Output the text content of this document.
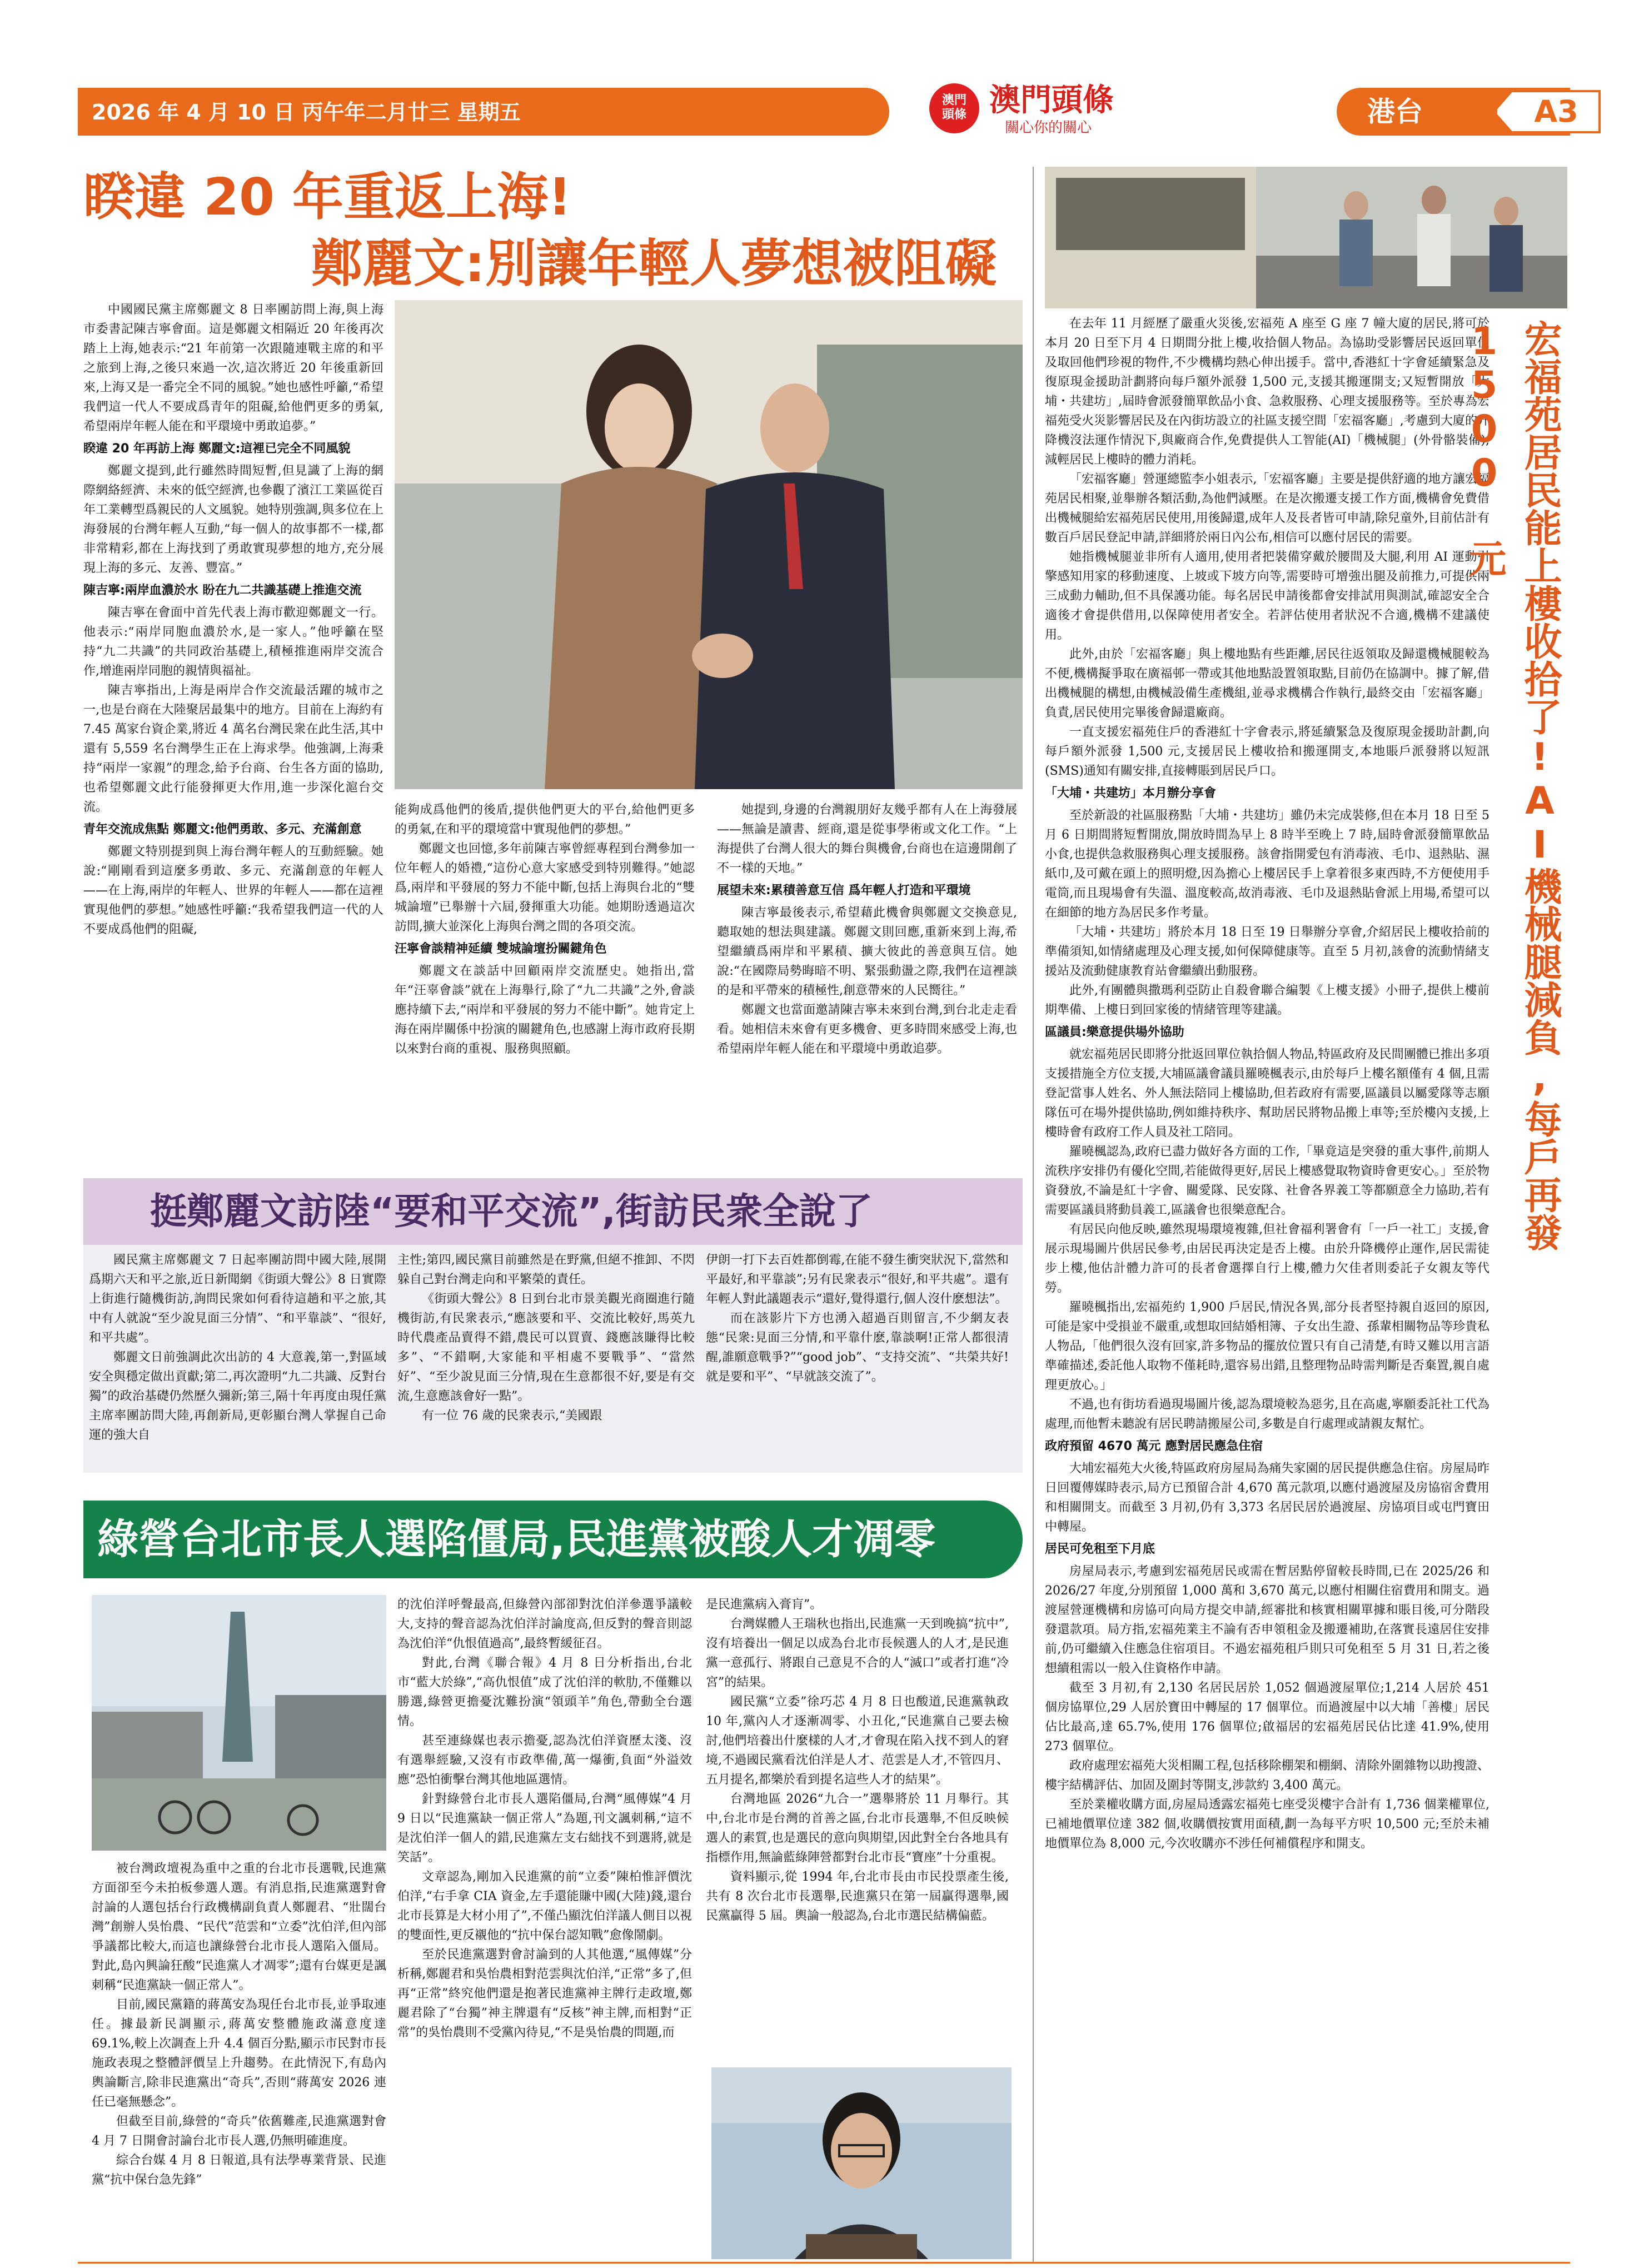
2026 年 4 月 10 日 丙午年二月廿三 星期五	澳門
頭條 澳門頭條
關心你的關心	港台	A3
睽違 20 年重返上海!
鄭麗文:別讓年輕人夢想被阻礙

中國國民黨主席鄭麗文 8 日率團訪問上海,與上海市委書記陳吉寧會面。這是鄭麗文相隔近 20 年後再次踏上上海,她表示:“21 年前第一次跟隨連戰主席的和平之旅到上海,之後只來過一次,這次將近 20 年後重新回來,上海又是一番完全不同的風貌。”她也感性呼籲,“希望我們這一代人不要成爲青年的阻礙,給他們更多的勇氣,希望兩岸年輕人能在和平環境中勇敢追夢。”

睽違 20 年再訪上海 鄭麗文:這裡已完全不同風貌

鄭麗文提到,此行雖然時間短暫,但見識了上海的網際網絡經濟、未來的低空經濟,也參觀了濱江工業區從百年工業轉型爲親民的人文風貌。她特別強調,與多位在上海發展的台灣年輕人互動,“每一個人的故事都不一樣,都非常精彩,都在上海找到了勇敢實現夢想的地方,充分展現上海的多元、友善、豐富。”

陳吉寧:兩岸血濃於水 盼在九二共識基礎上推進交流

陳吉寧在會面中首先代表上海市歡迎鄭麗文一行。他表示:“兩岸同胞血濃於水,是一家人。”他呼籲在堅持“九二共識”的共同政治基礎上,積極推進兩岸交流合作,增進兩岸同胞的親情與福祉。

陳吉寧指出,上海是兩岸合作交流最活躍的城市之一,也是台商在大陸聚居最集中的地方。目前在上海約有 7.45 萬家台資企業,將近 4 萬名台灣民衆在此生活,其中還有 5,559 名台灣學生正在上海求學。他強調,上海秉持“兩岸一家親”的理念,給予台商、台生各方面的協助,也希望鄭麗文此行能發揮更大作用,進一步深化滬台交流。

青年交流成焦點 鄭麗文:他們勇敢、多元、充滿創意

鄭麗文特別提到與上海台灣年輕人的互動經驗。她說:“剛剛看到這麼多勇敢、多元、充滿創意的年輕人——在上海,兩岸的年輕人、世界的年輕人——都在這裡實現他們的夢想。”她感性呼籲:“我希望我們這一代的人不要成爲他們的阻礙,

能夠成爲他們的後盾,提供他們更大的平台,給他們更多的勇氣,在和平的環境當中實現他們的夢想。”

鄭麗文也回憶,多年前陳吉寧曾經專程到台灣參加一位年輕人的婚禮,“這份心意大家感受到特別難得。”她認爲,兩岸和平發展的努力不能中斷,包括上海與台北的“雙城論壇”已舉辦十六屆,發揮重大功能。她期盼透過這次訪問,擴大並深化上海與台灣之間的各項交流。

汪寧會談精神延續 雙城論壇扮關鍵角色

鄭麗文在談話中回顧兩岸交流歷史。她指出,當年“汪辜會談”就在上海舉行,除了“九二共識”之外,會談應持續下去,“兩岸和平發展的努力不能中斷”。她肯定上海在兩岸關係中扮演的關鍵角色,也感謝上海市政府長期以來對台商的重視、服務與照顧。

她提到,身邊的台灣親朋好友幾乎都有人在上海發展——無論是讀書、經商,還是從事學術或文化工作。“上海提供了台灣人很大的舞台與機會,台商也在這邊開創了不一樣的天地。”

展望未來:累積善意互信 爲年輕人打造和平環境

陳吉寧最後表示,希望藉此機會與鄭麗文交換意見,聽取她的想法與建議。鄭麗文則回應,重新來到上海,希望繼續爲兩岸和平累積、擴大彼此的善意與互信。她說:“在國際局勢晦暗不明、緊張動盪之際,我們在這裡談的是和平帶來的積極性,創意帶來的人民嚮往。”

鄭麗文也當面邀請陳吉寧未來到台灣,到台北走走看看。她相信未來會有更多機會、更多時間來感受上海,也希望兩岸年輕人能在和平環境中勇敢追夢。

挺鄭麗文訪陸“要和平交流”,街訪民衆全說了

國民黨主席鄭麗文 7 日起率團訪問中國大陸,展開爲期六天和平之旅,近日新聞網《街頭大聲公》8 日實際上街進行隨機街訪,詢問民衆如何看待這趟和平之旅,其中有人就說“至少說見面三分情”、“和平靠談”、“很好,和平共處”。

鄭麗文日前強調此次出訪的 4 大意義,第一,對區域安全與穩定做出貢獻;第二,再次證明“九二共識、反對台獨”的政治基礎仍然歷久彌新;第三,隔十年再度由現任黨主席率團訪問大陸,再創新局,更彰顯台灣人掌握自己命運的強大自

主性;第四,國民黨目前雖然是在野黨,但絕不推卸、不閃躲自己對台灣走向和平繁榮的責任。

《街頭大聲公》8 日到台北市景美觀光商圈進行隨機街訪,有民衆表示,“應該要和平、交流比較好,馬英九時代農產品賣得不錯,農民可以買賣、錢應該賺得比較多”、“不錯啊,大家能和平相處不要戰爭”、“當然好”、“至少說見面三分情,現在生意都很不好,要是有交流,生意應該會好一點”。

有一位 76 歲的民衆表示,“美國跟

伊朗一打下去百姓都倒霉,在能不發生衝突狀況下,當然和平最好,和平靠談”;另有民衆表示“很好,和平共處”。還有年輕人對此議題表示“還好,覺得還行,個人沒什麽想法”。

而在該影片下方也湧入超過百則留言,不少網友表態“民衆:見面三分情,和平靠什麽,靠談啊!正常人都很清醒,誰願意戰爭?”“good job”、“支持交流”、“共榮共好!就是要和平”、“早就該交流了”。

綠營台北市長人選陷僵局,民進黨被酸人才凋零

被台灣政壇視為重中之重的台北市長選戰,民進黨方面卻至今未拍板參選人選。有消息指,民進黨選對會討論的人選包括台行政機構副負責人鄭麗君、“壯闊台灣”創辦人吳怡農、“民代”范雲和“立委”沈伯洋,但內部爭議都比較大,而這也讓綠營台北市長人選陷入僵局。對此,島內興論狂酸“民進黨人才凋零”;還有台媒更是諷刺稱“民進黨缺一個正常人”。

目前,國民黨籍的蔣萬安為現任台北市長,並爭取連任。據最新民調顯示,蔣萬安整體施政滿意度達 69.1%,較上次調查上升 4.4 個百分點,顯示市民對市長施政表現之整體評價呈上升趨勢。在此情況下,有島內輿論斷言,除非民進黨出“奇兵”,否則“蔣萬安 2026 連任已毫無懸念”。

但截至目前,綠營的“奇兵”依舊難產,民進黨選對會 4 月 7 日開會討論台北市長人選,仍無明確進度。

綜合台媒 4 月 8 日報道,具有法學專業背景、民進黨“抗中保台急先鋒”

的沈伯洋呼聲最高,但綠營內部卻對沈伯洋參選爭議較大,支持的聲音認為沈伯洋討論度高,但反對的聲音則認為沈伯洋“仇恨值過高”,最終暫緩征召。

對此,台灣《聯合報》4 月 8 日分析指出,台北市“藍大於綠”,“高仇恨值”成了沈伯洋的軟肋,不僅難以勝選,綠營更擔憂沈難扮演“領頭羊”角色,帶動全台選情。

甚至連綠媒也表示擔憂,認為沈伯洋資歷太淺、沒有選舉經驗,又沒有市政準備,萬一爆衝,負面“外溢效應”恐怕衝擊台灣其他地區選情。

針對綠營台北市長人選陷僵局,台灣“風傳媒”4 月 9 日以“民進黨缺一個正常人”為題,刊文諷刺稱,“這不是沈伯洋一個人的錯,民進黨左支右絀找不到選將,就是笑話”。

文章認為,剛加入民進黨的前“立委”陳柏惟評價沈伯洋,“右手拿 CIA 資金,左手還能賺中國(大陸)錢,還台北市長算是大材小用了”,不僅凸顯沈伯洋議人側目以視的雙面性,更反襯他的“抗中保台認知戰”愈像鬧劇。

至於民進黨選對會討論到的人其他選,“風傳媒”分析稱,鄭麗君和吳怡農相對范雲與沈伯洋,“正常”多了,但再“正常”終究他們還是抱著民進黨神主牌行走政壇,鄭麗君除了“台獨”神主牌還有“反核”神主牌,而相對“正常”的吳怡農則不受黨內待見,“不是吳怡農的問題,而

是民進黨病入膏肓”。

台灣媒體人王瑞秋也指出,民進黨一天到晚搞“抗中”,沒有培養出一個足以成為台北市長候選人的人才,是民進黨一意孤行、將跟自己意見不合的人“滅口”或者打進“冷宮”的結果。

國民黨“立委”徐巧芯 4 月 8 日也酸道,民進黨執政 10 年,黨內人才逐漸凋零、小丑化,“民進黨自己要去檢討,他們培養出什麼樣的人才,才會現在陷入找不到人的窘境,不過國民黨看沈伯洋是人才、范雲是人才,不管四月、五月提名,都樂於看到提名這些人才的結果”。

台灣地區 2026“九合一”選舉將於 11 月舉行。其中,台北市是台灣的首善之區,台北市長選舉,不但反映候選人的素質,也是選民的意向與期望,因此對全台各地具有指標作用,無論藍綠陣營都對台北市長“寶座”十分重視。

資料顯示,從 1994 年,台北市長由市民投票產生後,共有 8 次台北市長選舉,民進黨只在第一屆贏得選舉,國民黨贏得 5 屆。輿論一般認為,台北市選民結構偏藍。

在去年 11 月經歷了嚴重火災後,宏福苑 A 座至 G 座 7 幢大廈的居民,將可於本月 20 日至下月 4 日期間分批上樓,收拾個人物品。為協助受影響居民返回單位及取回他們珍視的物件,不少機構均熱心伸出援手。當中,香港紅十字會延續緊急及復原現金援助計劃將向每戶額外派發 1,500 元,支援其搬運開支;又短暫開放「大埔・共建坊」,屆時會派發簡單飲品小食、急救服務、心理支援服務等。至於專為宏福苑受火災影響居民及在內街坊設立的社區支援空間「宏福客廳」,考慮到大廈的升降機沒法運作情況下,與廠商合作,免費提供人工智能(AI)「機械腿」(外骨骼裝備),減輕居民上樓時的體力消耗。

「宏福客廳」營運總監李小姐表示,「宏福客廳」主要是提供舒適的地方讓宏福苑居民相聚,並舉辦各類活動,為他們減壓。在是次搬遷支援工作方面,機構會免費借出機械腿給宏福苑居民使用,用後歸還,成年人及長者皆可申請,除兒童外,目前估計有數百戶居民登記申請,詳細將於兩日內公布,相信可以應付居民的需要。

她指機械腿並非所有人適用,使用者把裝備穿戴於腰間及大腿,利用 AI 運動引擎感知用家的移動速度、上坡或下坡方向等,需要時可增強出腿及前推力,可提供兩三成動力輔助,但不具保護功能。每名居民申請後都會安排試用與測試,確認安全合適後才會提供借用,以保障使用者安全。若評估使用者狀況不合適,機構不建議使用。

此外,由於「宏福客廳」與上樓地點有些距離,居民往返領取及歸還機械腿較為不便,機構擬爭取在廣福邨一帶或其他地點設置領取點,目前仍在協調中。據了解,借出機械腿的構想,由機械設備生產機組,並尋求機構合作執行,最終交由「宏福客廳」負責,居民使用完畢後會歸還廠商。

一直支援宏福苑住戶的香港紅十字會表示,將延續緊急及復原現金援助計劃,向每戶額外派發 1,500 元,支援居民上樓收拾和搬運開支,本地賬戶派發將以短訊(SMS)通知有關安排,直接轉賬到居民戶口。

「大埔・共建坊」本月辦分享會

至於新設的社區服務點「大埔・共建坊」雖仍未完成裝修,但在本月 18 日至 5 月 6 日期間將短暫開放,開放時間為早上 8 時半至晚上 7 時,屆時會派發簡單飲品小食,也提供急救服務與心理支援服務。該會指開愛包有消毒液、毛巾、退熱貼、濕紙巾,及可戴在頭上的照明燈,因為擔心上樓居民手上拿着很多東西時,不方便使用手電筒,而且現場會有失溫、溫度較高,故消毒液、毛巾及退熱貼會派上用場,希望可以在細節的地方為居民多作考量。

「大埔・共建坊」將於本月 18 日至 19 日舉辦分享會,介紹居民上樓收拾前的準備須知,如情緒處理及心理支援,如何保障健康等。直至 5 月初,該會的流動情緒支援站及流動健康教育站會繼續出動服務。

此外,有團體與撒瑪利亞防止自殺會聯合編製《上樓支援》小冊子,提供上樓前期準備、上樓日到回家後的情緒管理等建議。

區議員:樂意提供場外協助

就宏福苑居民即將分批返回單位執拾個人物品,特區政府及民間團體已推出多項支援措施全方位支援,大埔區議會議員羅曉楓表示,由於每戶上樓名額僅有 4 個,且需登記當事人姓名、外人無法陪同上樓協助,但若政府有需要,區議員以屬愛隊等志願隊伍可在場外提供協助,例如維持秩序、幫助居民將物品搬上車等;至於樓內支援,上樓時會有政府工作人員及社工陪同。

羅曉楓認為,政府已盡力做好各方面的工作,「畢竟這是突發的重大事件,前期人流秩序安排仍有優化空間,若能做得更好,居民上樓感覺取物資時會更安心。」至於物資發放,不論是紅十字會、關愛隊、民安隊、社會各界義工等都願意全力協助,若有需要區議員將動員義工,區議會也很樂意配合。

有居民向他反映,雖然現場環境複雜,但社會福利署會有「一戶一社工」支援,會展示現場圖片供居民參考,由居民再決定是否上樓。由於升降機停止運作,居民需徒步上樓,他估計體力許可的長者會選擇自行上樓,體力欠佳者則委託子女親友等代勞。

羅曉楓指出,宏福苑約 1,900 戶居民,情況各異,部分長者堅持親自返回的原因,可能是家中受損並不嚴重,或想取回結婚相簿、子女出生證、孫輩相關物品等珍貴私人物品,「他們很久沒有回家,許多物品的擺放位置只有自己清楚,有時又難以用言語準確描述,委託他人取物不僅耗時,還容易出錯,且整理物品時需判斷是否棄置,親自處理更放心。」

不過,也有街坊看過現場圖片後,認為環境較為惡劣,且在高處,寧願委託社工代為處理,而他暫未聽說有居民聘請搬屋公司,多數是自行處理或請親友幫忙。

政府預留 4670 萬元 應對居民應急住宿

大埔宏福苑大火後,特區政府房屋局為痛失家園的居民提供應急住宿。房屋局昨日回覆傳媒時表示,局方已預留合計 4,670 萬元款項,以應付過渡屋及房協宿舍費用和相關開支。而截至 3 月初,仍有 3,373 名居民居於過渡屋、房協項目或屯門寶田中轉屋。

居民可免租至下月底

房屋局表示,考慮到宏福苑居民或需在暫居點停留較長時間,已在 2025/26 和 2026/27 年度,分別預留 1,000 萬和 3,670 萬元,以應付相關住宿費用和開支。過渡屋營運機構和房協可向局方提交申請,經審批和核實相關單據和賬目後,可分階段發還款項。局方指,宏福苑業主不論有否申領租金及搬遷補助,在落實長遠居住安排前,仍可繼續入住應急住宿項目。不過宏福苑租戶則只可免租至 5 月 31 日,若之後想續租需以一般入住資格作申請。

截至 3 月初,有 2,130 名居民居於 1,052 個過渡屋單位;1,214 人居於 451 個房協單位,29 人居於寶田中轉屋的 17 個單位。而過渡屋中以大埔「善樓」居民佔比最高,達 65.7%,使用 176 個單位;啟福居的宏福苑居民佔比達 41.9%,使用 273 個單位。

政府處理宏福苑大災相關工程,包括移除棚架和棚網、清除外圍雜物以助搜證、樓宇結構評估、加固及圍封等開支,涉款約 3,400 萬元。

至於業權收購方面,房屋局透露宏福苑七座受災樓宇合計有 1,736 個業權單位,已補地價單位達 382 個,收購價按實用面積,劃一為每平方呎 10,500 元;至於未補地價單位為 8,000 元,今次收購亦不涉任何補償程序和開支。

宏福苑居民能上樓收拾了!AI機械腿減負,每戶再發 1500 元
